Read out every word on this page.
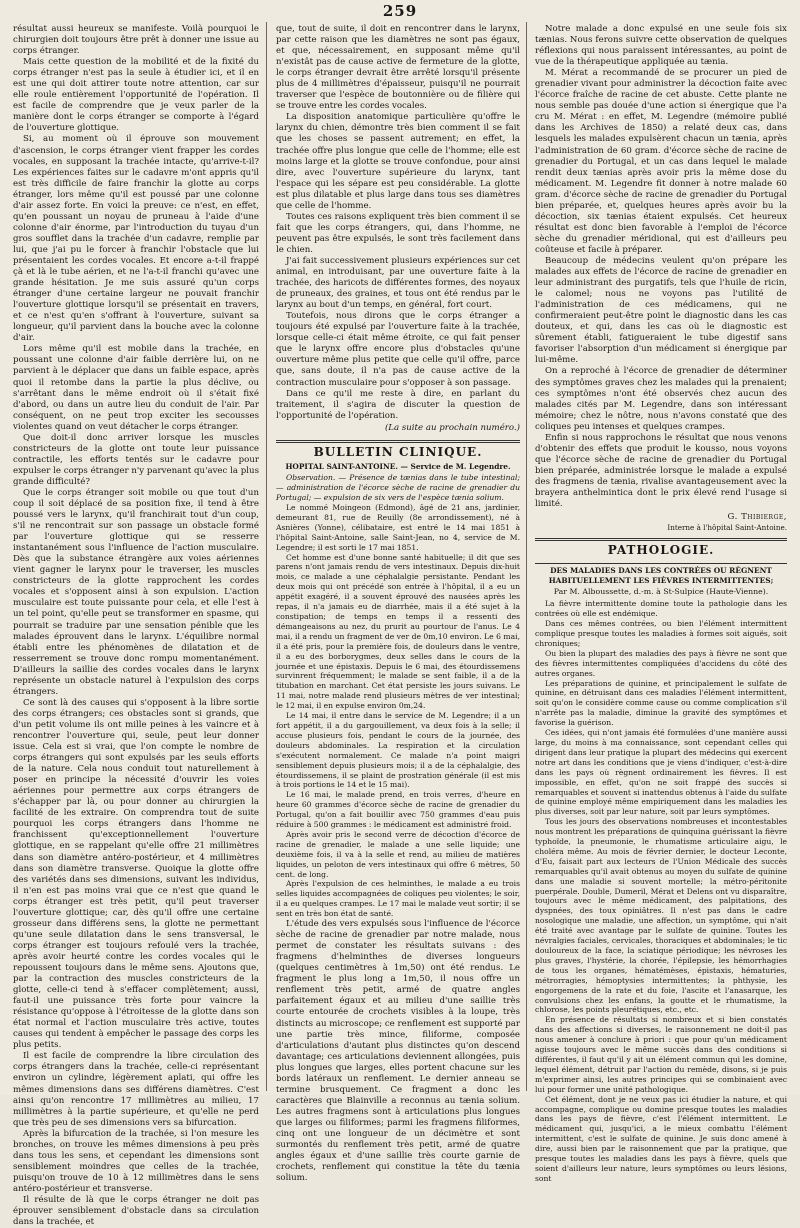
259

résultat aussi heureux se manifeste. Voilà pourquoi le chirurgien doit toujours être prêt à donner une issue au corps étranger.

Mais cette question de la mobilité et de la fixité du corps étranger n'est pas la seule à étudier ici, et il en est une qui doit attirer toute notre attention, car sur elle roule entièrement l'opportunité de l'opération. Il est facile de comprendre que je veux parler de la manière dont le corps étranger se comporte à l'égard de l'ouverture glottique.

Si, au moment où il éprouve son mouvement d'ascension, le corps étranger vient frapper les cordes vocales, en supposant la trachée intacte, qu'arrive-t-il? Les expériences faites sur le cadavre m'ont appris qu'il est très difficile de faire franchir la glotte au corps étranger, lors même qu'il est poussé par une colonne d'air assez forte. En voici la preuve: ce n'est, en effet, qu'en poussant un noyau de pruneau à l'aide d'une colonne d'air énorme, par l'introduction du tuyau d'un gros soufflet dans la trachée d'un cadavre, remplie par lui, que j'ai pu le forcer à franchir l'obstacle que lui présentaient les cordes vocales. Et encore a-t-il frappé çà et là le tube aérien, et ne l'a-t-il franchi qu'avec une grande hésitation. Je me suis assuré qu'un corps étranger d'une certaine largeur ne pouvait franchir l'ouverture glottique lorsqu'il se présentait en travers, et ce n'est qu'en s'offrant à l'ouverture, suivant sa longueur, qu'il parvient dans la bouche avec la colonne d'air.

Lors même qu'il est mobile dans la trachée, en poussant une colonne d'air faible derrière lui, on ne parvient à le déplacer que dans un faible espace, après quoi il retombe dans la partie la plus déclive, ou s'arrêtant dans le même endroit où il s'était fixé d'abord, ou dans un autre lieu du conduit de l'air. Par conséquent, on ne peut trop exciter les secousses violentes quand on veut détacher le corps étranger.

Que doit-il donc arriver lorsque les muscles constricteurs de la glotte ont toute leur puissance contractile, les efforts tentés sur le cadavre pour expulser le corps étranger n'y parvenant qu'avec la plus grande difficulté?

Que le corps étranger soit mobile ou que tout d'un coup il soit déplacé de sa position fixe, il tend à être poussé vers le larynx, qu'il franchirait tout d'un coup, s'il ne rencontrait sur son passage un obstacle formé par l'ouverture glottique qui se resserre instantanément sous l'influence de l'action musculaire. Dès que la substance étrangère aux voies aériennes vient gagner le larynx pour le traverser, les muscles constricteurs de la glotte rapprochent les cordes vocales et s'opposent ainsi à son expulsion. L'action musculaire est toute puissante pour cela, et elle l'est à un tel point, qu'elle peut se transformer en spasme, qui pourrait se traduire par une sensation pénible que les malades éprouvent dans le larynx. L'équilibre normal établi entre les phénomènes de dilatation et de resserrement se trouve donc rompu momentanément. D'ailleurs la saillie des cordes vocales dans le larynx représente un obstacle naturel à l'expulsion des corps étrangers.

Ce sont là des causes qui s'opposent à la libre sortie des corps étrangers; ces obstacles sont si grands, que d'un petit volume ils ont mille peines à les vaincre et à rencontrer l'ouverture qui, seule, peut leur donner issue. Cela est si vrai, que l'on compte le nombre de corps étrangers qui sont expulsés par les seuls efforts de la nature. Cela nous conduit tout naturellement à poser en principe la nécessité d'ouvrir les voies aériennes pour permettre aux corps étrangers de s'échapper par là, ou pour donner au chirurgien la facilité de les extraire. On comprendra tout de suite pourquoi les corps étrangers dans l'homme ne franchissent qu'exceptionnellement l'ouverture glottique, en se rappelant qu'elle offre 21 millimètres dans son diamètre antéro-postérieur, et 4 millimètres dans son diamètre transverse. Quoique la glotte offre des variétés dans ses dimensions, suivant les individus, il n'en est pas moins vrai que ce n'est que quand le corps étranger est très petit, qu'il peut traverser l'ouverture glottique; car, dès qu'il offre une certaine grosseur dans différens sens, la glotte ne permettant qu'une seule dilatation dans le sens transversal, le corps étranger est toujours refoulé vers la trachée, après avoir heurté contre les cordes vocales qui le repoussent toujours dans le même sens. Ajoutons que, par la contraction des muscles constricteurs de la glotte, celle-ci tend à s'effacer complètement; aussi, faut-il une puissance très forte pour vaincre la résistance qu'oppose à l'étroitesse de la glotte dans son état normal et l'action musculaire très active, toutes causes qui tendent à empêcher le passage des corps les plus petits.

Il est facile de comprendre la libre circulation des corps étrangers dans la trachée, celle-ci représentant environ un cylindre, légèrement aplati, qui offre les mêmes dimensions dans ses différens diamètres. C'est ainsi qu'on rencontre 17 millimètres au milieu, 17 millimètres à la partie supérieure, et qu'elle ne perd que très peu de ses dimensions vers sa bifurcation.

Après la bifurcation de la trachée, si l'on mesure les bronches, on trouve les mêmes dimensions à peu près dans tous les sens, et cependant les dimensions sont sensiblement moindres que celles de la trachée, puisqu'on trouve de 10 à 12 millimètres dans le sens antéro-postérieur et transverse.

Il résulte de là que le corps étranger ne doit pas éprouver sensiblement d'obstacle dans sa circulation dans la trachée, et

que, tout de suite, il doit en rencontrer dans le larynx, par cette raison que les diamètres ne sont pas égaux, et que, nécessairement, en supposant même qu'il n'existât pas de cause active de fermeture de la glotte, le corps étranger devrait être arrêté lorsqu'il présente plus de 4 millimètres d'épaisseur, puisqu'il ne pourrait traverser que l'espèce de boutonnière ou de filière qui se trouve entre les cordes vocales.

La disposition anatomique particulière qu'offre le larynx du chien, démontre très bien comment il se fait que les choses se passent autrement; en effet, la trachée offre plus longue que celle de l'homme; elle est moins large et la glotte se trouve confondue, pour ainsi dire, avec l'ouverture supérieure du larynx, tant l'espace qui les sépare est peu considérable. La glotte est plus dilatable et plus large dans tous ses diamètres que celle de l'homme.

Toutes ces raisons expliquent très bien comment il se fait que les corps étrangers, qui, dans l'homme, ne peuvent pas être expulsés, le sont très facilement dans le chien.

J'ai fait successivement plusieurs expériences sur cet animal, en introduisant, par une ouverture faite à la trachée, des haricots de différentes formes, des noyaux de pruneaux, des graines, et tous ont été rendus par le larynx au bout d'un temps, en général, fort court.

Toutefois, nous dirons que le corps étranger a toujours été expulsé par l'ouverture faite à la trachée, lorsque celle-ci était même étroite, ce qui fait penser que le larynx offre encore plus d'obstacles qu'une ouverture même plus petite que celle qu'il offre, parce que, sans doute, il n'a pas de cause active de la contraction musculaire pour s'opposer à son passage.

Dans ce qu'il me reste à dire, en parlant du traitement, il s'agira de discuter la question de l'opportunité de l'opération.

(La suite au prochain numéro.)

BULLETIN CLINIQUE.

HOPITAL SAINT-ANTOINE. — Service de M. Legendre.

Observation. — Présence de tænias dans le tube intestinal; — administration de l'écorce sèche de racine de grenadier du Portugal; — expulsion de six vers de l'espèce tænia solium.

Le nommé Moingeon (Edmond), âgé de 21 ans, jardinier, demeurant 81, rue de Reuilly (8e arrondissement), né à Asnières (Yonne), célibataire, est entré le 14 mai 1851 à l'hôpital Saint-Antoine, salle Saint-Jean, no 4, service de M. Legendre; il est sorti le 17 mai 1851.

Cet homme est d'une bonne santé habituelle; il dit que ses parens n'ont jamais rendu de vers intestinaux. Depuis dix-huit mois, ce malade a une céphalalgie persistante. Pendant les deux mois qui ont précédé son entrée à l'hôpital, il a eu un appétit exagéré, il a souvent éprouvé des nausées après les repas, il n'a jamais eu de diarrhée, mais il a été sujet à la constipation; de temps en temps il a ressenti des démangeaisons au nez, du prurit au pourtour de l'anus. Le 4 mai, il a rendu un fragment de ver de 0m,10 environ. Le 6 mai, il a été pris, pour la première fois, de douleurs dans le ventre, il a eu des borborygmes, deux selles dans le cours de la journée et une épistaxis. Depuis le 6 mai, des étourdissemens survinrent fréquemment; le malade se sent faible, il a de la titubation en marchant. Cet état persiste les jours suivans. Le 11 mai, notre malade rend plusieurs mètres de ver intestinal; le 12 mai, il en expulse environ 0m,24.

Le 14 mai, il entre dans le service de M. Legendre; il a un fort appétit, il a du gargouillement, va deux fois à la selle; il accuse plusieurs fois, pendant le cours de la journée, des douleurs abdominales. La respiration et la circulation s'exécutent normalement. Ce malade n'a point maigri sensiblement depuis plusieurs mois; il a de la céphalalgie, des étourdissemens, il se plaint de prostration générale (il est mis à trois portions le 14 et le 15 mai).

Le 16 mai, le malade prend, en trois verres, d'heure en heure 60 grammes d'écorce sèche de racine de grenadier du Portugal, qu'on a fait bouillir avec 750 grammes d'eau puis réduire à 500 grammes : le médicament est administré froid.

Après avoir pris le second verre de décoction d'écorce de racine de grenadier, le malade a une selle liquide; une deuxième fois, il va à la selle et rend, au milieu de matières liquides, un peloton de vers intestinaux qui offre 6 mètres, 50 cent. de long.

Après l'expulsion de ces helminthes, le malade a eu trois selles liquides accompagnées de coliques peu violentes; le soir, il a eu quelques crampes. Le 17 mai le malade veut sortir; il se sent en très bon état de santé.

L'étude des vers expulsés sous l'influence de l'écorce sèche de racine de grenadier par notre malade, nous permet de constater les résultats suivans : des fragmens d'helminthes de diverses longueurs (quelques centimètres à 1m,50) ont été rendus. Le fragment le plus long a 1m,50, il nous offre un renflement très petit, armé de quatre angles parfaitement égaux et au milieu d'une saillie très courte entourée de crochets visibles à la loupe, très distincts au microscope; ce renflement est supporté par une partie très mince, filiforme, composée d'articulations d'autant plus distinctes qu'on descend davantage; ces articulations deviennent allongées, puis plus longues que larges, elles portent chacune sur les bords latéraux un renflement. Le dernier anneau se termine brusquement. Ce fragment a donc les caractères que Blainville a reconnus au tænia solium. Les autres fragmens sont à articulations plus longues que larges ou filiformes; parmi les fragmens filiformes, cinq ont une longueur de un décimètre et sont surmontés du renflement très petit, armé de quatre angles égaux et d'une saillie très courte garnie de crochets, renflement qui constitue la tête du tænia solium.

Notre malade a donc expulsé en une seule fois six tænias. Nous ferons suivre cette observation de quelques réflexions qui nous paraissent intéressantes, au point de vue de la thérapeutique appliquée au tænia.

M. Mérat a recommandé de se procurer un pied de grenadier vivant pour administrer la décoction faite avec l'écorce fraîche de racine de cet abuste. Cette plante ne nous semble pas douée d'une action si énergique que l'a cru M. Mérat : en effet, M. Legendre (mémoire publié dans les Archives de 1850) a relaté deux cas, dans lesquels les malades expulsèrent chacun un tænia, après l'administration de 60 gram. d'écorce sèche de racine de grenadier du Portugal, et un cas dans lequel le malade rendit deux tænias après avoir pris la même dose du médicament. M. Legendre fit donner à notre malade 60 gram. d'écorce sèche de racine de grenadier du Portugal bien préparée, et, quelques heures après avoir bu la décoction, six tænias étaient expulsés. Cet heureux résultat est donc bien favorable à l'emploi de l'écorce sèche du grenadier méridional, qui est d'ailleurs peu coûteuse et facile à préparer.

Beaucoup de médecins veulent qu'on prépare les malades aux effets de l'écorce de racine de grenadier en leur administrant des purgatifs, tels que l'huile de ricin, le calomel; nous ne voyons pas l'utilité de l'administration de ces médicamens, qui ne confirmeraient peut-être point le diagnostic dans les cas douteux, et qui, dans les cas où le diagnostic est sûrement établi, fatigueraient le tube digestif sans favoriser l'absorption d'un médicament si énergique par lui-même.

On a reproché à l'écorce de grenadier de déterminer des symptômes graves chez les malades qui la prenaient; ces symptômes n'ont été observés chez aucun des malades cités par M. Legendre, dans son intéressant mémoire; chez le nôtre, nous n'avons constaté que des coliques peu intenses et quelques crampes.

Enfin si nous rapprochons le résultat que nous venons d'obtenir des effets que produit le kousso, nous voyons que l'écorce sèche de racine de grenadier du Portugal bien préparée, administrée lorsque le malade a expulsé des fragmens de tænia, rivalise avantageusement avec la brayera anthelmintica dont le prix élevé rend l'usage si limité.

G. Thibierge,

Interne à l'hôpital Saint-Antoine.

PATHOLOGIE.

DES MALADIES DANS LES CONTRÉES OU RÈGNENT HABITUELLEMENT LES FIÈVRES INTERMITTENTES;

Par M. Alboussette, d.-m. à St-Sulpice (Haute-Vienne).

La fièvre intermittente domine toute la pathologie dans les contrées où elle est endémique.

Dans ces mêmes contrées, ou bien l'élément intermittent complique presque toutes les maladies à formes soit aiguës, soit chroniques;

Ou bien la plupart des maladies des pays à fièvre ne sont que des fièvres intermittentes compliquées d'accidens du côté des autres organes.

Les préparations de quinine, et principalement le sulfate de quinine, en détruisant dans ces maladies l'élément intermittent, soit qu'on le considère comme cause ou comme complication s'il n'arrête pas la maladie, diminue la gravité des symptômes et favorise la guérison.

Ces idées, qui n'ont jamais été formulées d'une manière aussi large, du moins à ma connaissance, sont cependant celles qui dirigent dans leur pratique la plupart des médecins qui exercent notre art dans les conditions que je viens d'indiquer, c'est-à-dire dans les pays où règnent ordinairement les fièvres. Il est impossible, en effet, qu'on ne soit frappé des succès si remarquables et souvent si inattendus obtenus à l'aide du sulfate de quinine employé même empiriquement dans les maladies les plus diverses, soit par leur nature, soit par leurs symptômes.

Tous les jours des observations nombreuses et incontestables nous montrent les préparations de quinquina guérissant la fièvre typhoïde, la pneumonie, le rhumatisme articulaire aigu, le choléra même. Au mois de février dernier, le docteur Leconte, d'Eu, faisait part aux lecteurs de l'Union Médicale des succès remarquables qu'il avait obtenus au moyen du sulfate de quinine dans une maladie si souvent mortelle; la métro-péritonite puerpérale. Double, Dumeril, Mérat et Delens ont vu disparaître, toujours avec le même médicament, des palpitations, des dyspnées, des toux opiniâtres. Il n'est pas dans le cadre nosologique une maladie, une affection, un symptôme, qui n'ait été traité avec avantage par le sulfate de quinine. Toutes les névralgies faciales, cervicales, thoraciques et abdominales; le tic douloureux de la face, la sciatique périodique; les névroses les plus graves, l'hystérie, la chorée, l'épilepsie, les hémorrhagies de tous les organes, hématémèses, épistaxis, hématuries, métrorragies, hémoptysies intermittentes; la phthysie, les engorgemens de la rate et du foie, l'ascite et l'anasarque, les convulsions chez les enfans, la goutte et le rhumatisme, la chlorose, les points pleurétiques, etc., etc.

En présence de résultats si nombreux et si bien constatés dans des affections si diverses, le raisonnement ne doit-il pas nous amener à conclure à priori : que pour qu'un médicament agisse toujours avec le même succès dans des conditions si différentes, il faut qu'il y ait un élément commun qui les domine, lequel élément, détruit par l'action du remède, disons, si je puis m'exprimer ainsi, les autres principes qui se combinaient avec lui pour former une unité pathologique.

Cet élément, dont je ne veux pas ici étudier la nature, et qui accompagne, complique ou domine presque toutes les maladies dans les pays de fièvre, c'est l'élément intermittent. Le médicament qui, jusqu'ici, a le mieux combattu l'élément intermittent, c'est le sulfate de quinine. Je suis donc amené à dire, aussi bien par le raisonnement que par la pratique, que presque toutes les maladies dans les pays à fièvre, quels que soient d'ailleurs leur nature, leurs symptômes ou leurs lésions, sont
